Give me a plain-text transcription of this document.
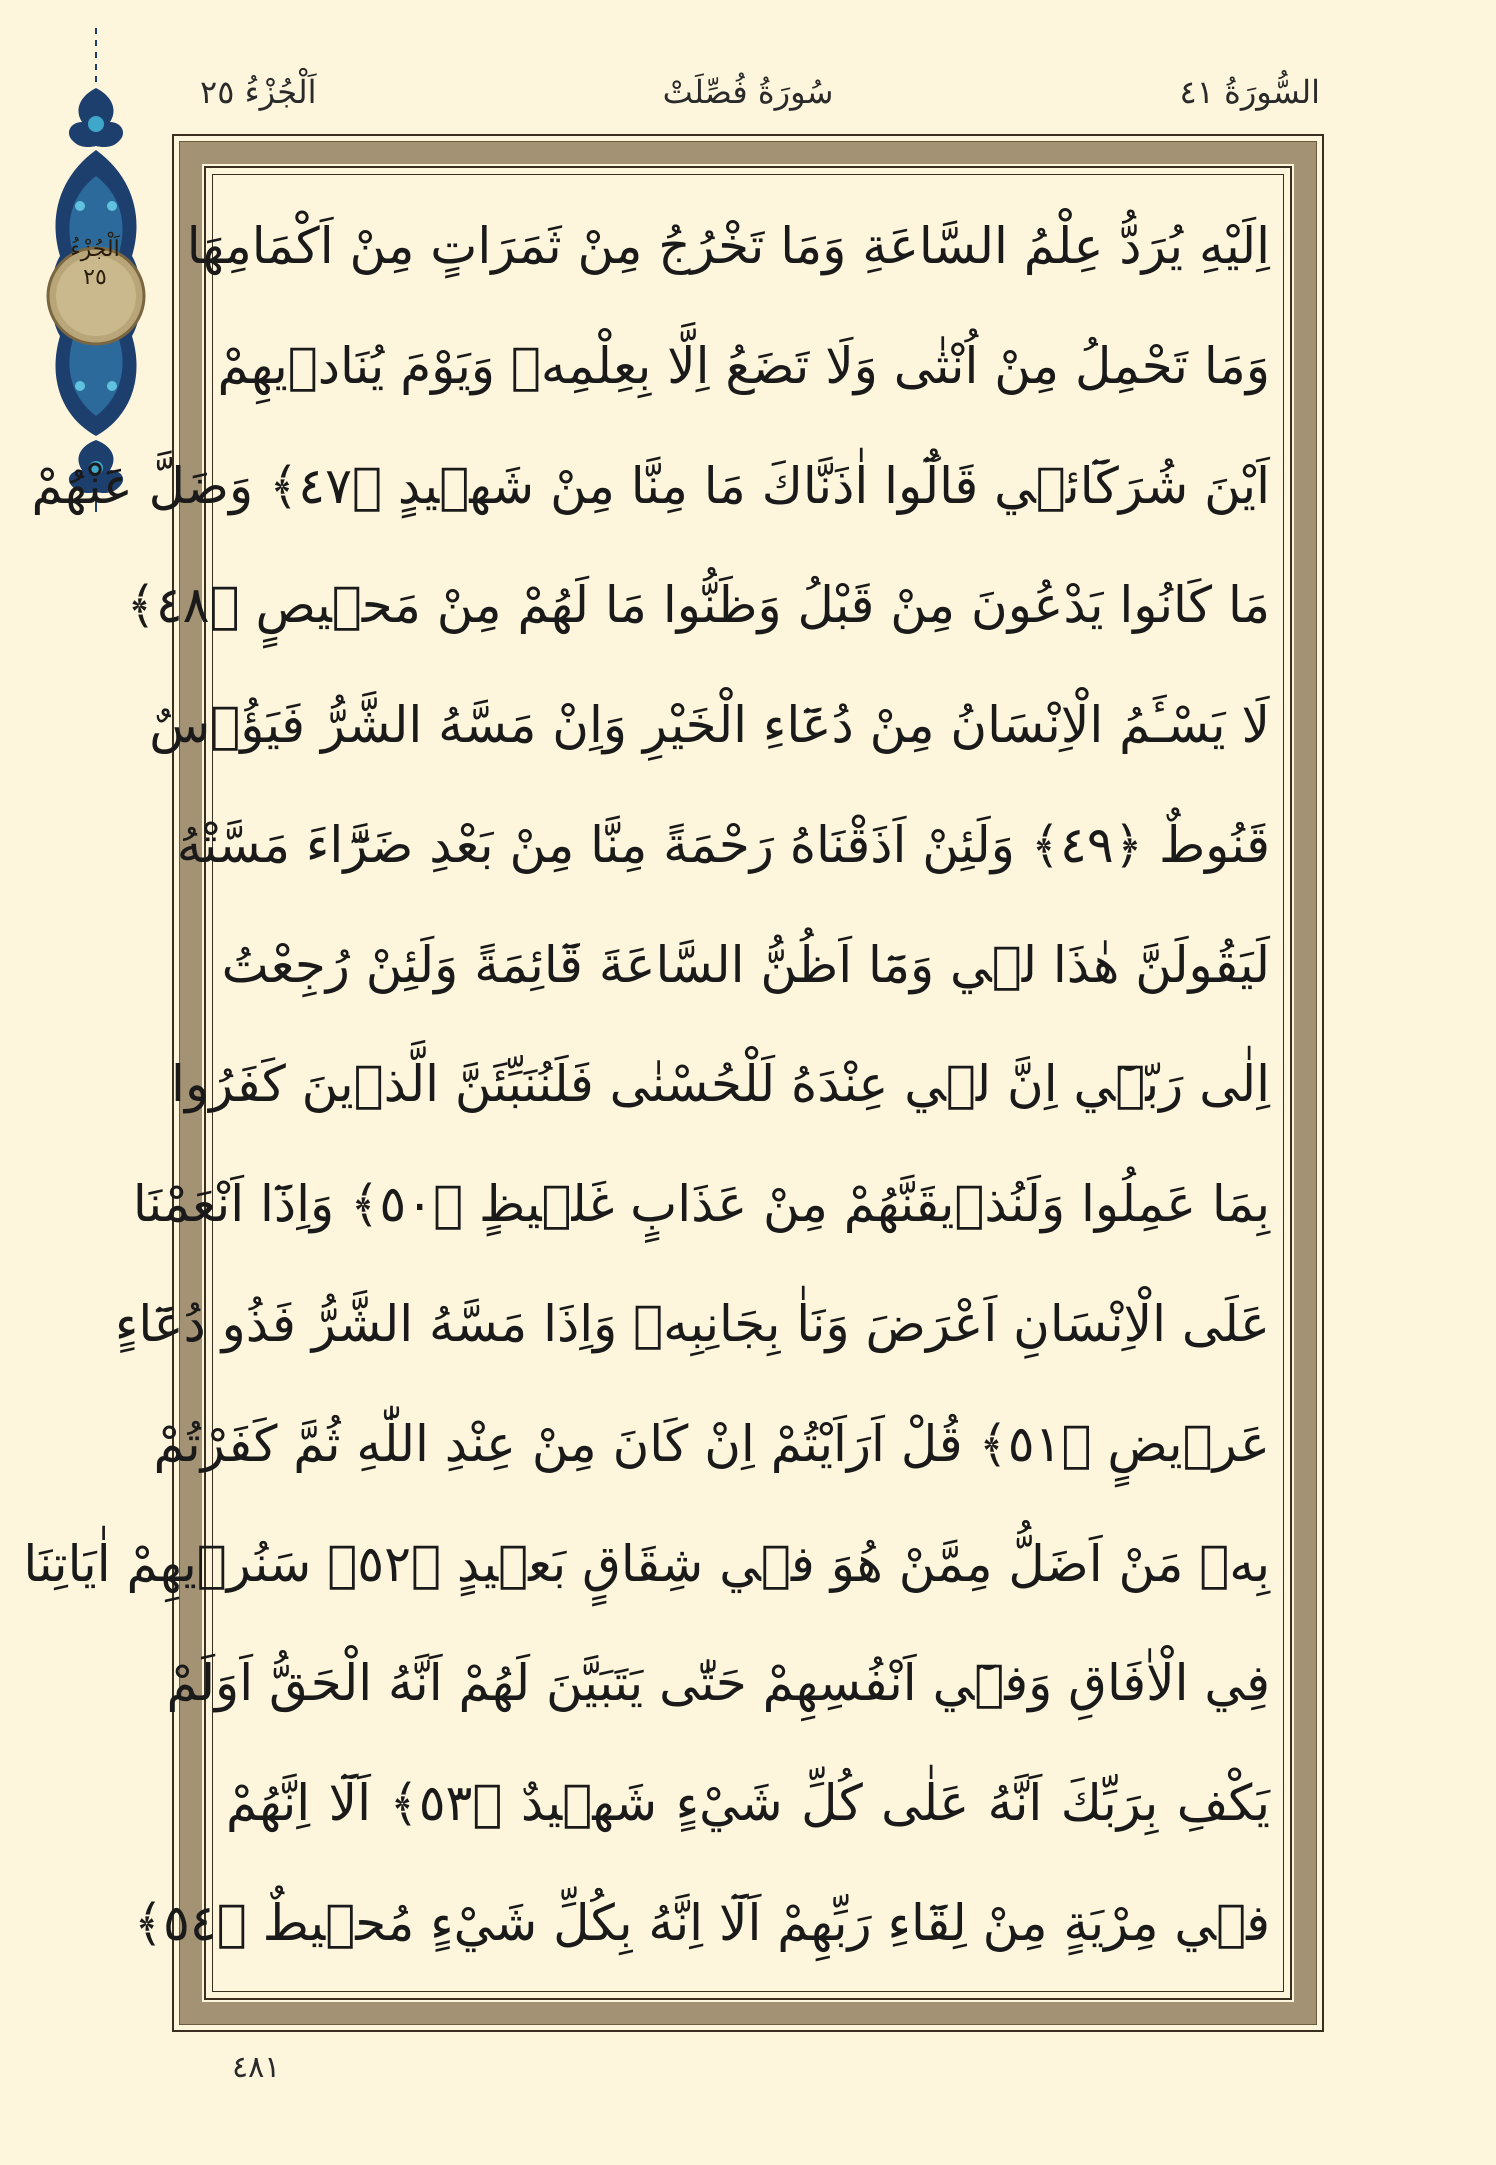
اَلْجُزْءُ
٢٥
السُّورَةُ ٤١
سُورَةُ فُصِّلَتْ
اَلْجُزْءُ ٢٥
اِلَيْهِ يُرَدُّ عِلْمُ السَّاعَةِ وَمَا تَخْرُجُ مِنْ ثَمَرَاتٍ مِنْ اَكْمَامِهَا
وَمَا تَحْمِلُ مِنْ اُنْثٰى وَلَا تَضَعُ اِلَّا بِعِلْمِه۪ وَيَوْمَ يُنَاد۪يهِمْ
اَيْنَ شُرَكَٓائ۪ي قَالُٓوا اٰذَنَّاكَ مَا مِنَّا مِنْ شَه۪يدٍ ﴿٤٧﴾ وَضَلَّ عَنْهُمْ
مَا كَانُوا يَدْعُونَ مِنْ قَبْلُ وَظَنُّوا مَا لَهُمْ مِنْ مَح۪يصٍ ﴿٤٨﴾
لَا يَسْـَٔمُ الْاِنْسَانُ مِنْ دُعَٓاءِ الْخَيْرِ وَاِنْ مَسَّهُ الشَّرُّ فَيَؤُ۫سٌ
قَنُوطٌ ﴿٤٩﴾ وَلَئِنْ اَذَقْنَاهُ رَحْمَةً مِنَّا مِنْ بَعْدِ ضَرَّٓاءَ مَسَّتْهُ
لَيَقُولَنَّ هٰذَا ل۪ي وَمَٓا اَظُنُّ السَّاعَةَ قَٓائِمَةً وَلَئِنْ رُجِعْتُ
اِلٰى رَبّ۪ٓي اِنَّ ل۪ي عِنْدَهُ لَلْحُسْنٰى فَلَنُنَبِّئَنَّ الَّذ۪ينَ كَفَرُوا
بِمَا عَمِلُوا وَلَنُذ۪يقَنَّهُمْ مِنْ عَذَابٍ غَل۪يظٍ ﴿٥٠﴾ وَاِذَٓا اَنْعَمْنَا
عَلَى الْاِنْسَانِ اَعْرَضَ وَنَاٰ بِجَانِبِه۪ وَاِذَا مَسَّهُ الشَّرُّ فَذُو دُعَٓاءٍ
عَر۪يضٍ ﴿٥١﴾ قُلْ اَرَاَيْتُمْ اِنْ كَانَ مِنْ عِنْدِ اللّٰهِ ثُمَّ كَفَرْتُمْ
بِه۪ مَنْ اَضَلُّ مِمَّنْ هُوَ ف۪ي شِقَاقٍ بَع۪يدٍ ﴿٥٢﴾ سَنُر۪يهِمْ اٰيَاتِنَا
فِي الْاٰفَاقِ وَف۪ٓي اَنْفُسِهِمْ حَتّٰى يَتَبَيَّنَ لَهُمْ اَنَّهُ الْحَقُّ اَوَلَمْ
يَكْفِ بِرَبِّكَ اَنَّهُ عَلٰى كُلِّ شَيْءٍ شَه۪يدٌ ﴿٥٣﴾ اَلَٓا اِنَّهُمْ
ف۪ي مِرْيَةٍ مِنْ لِقَٓاءِ رَبِّهِمْ اَلَٓا اِنَّهُ بِكُلِّ شَيْءٍ مُح۪يطٌ ﴿٥٤﴾
٤٨١
